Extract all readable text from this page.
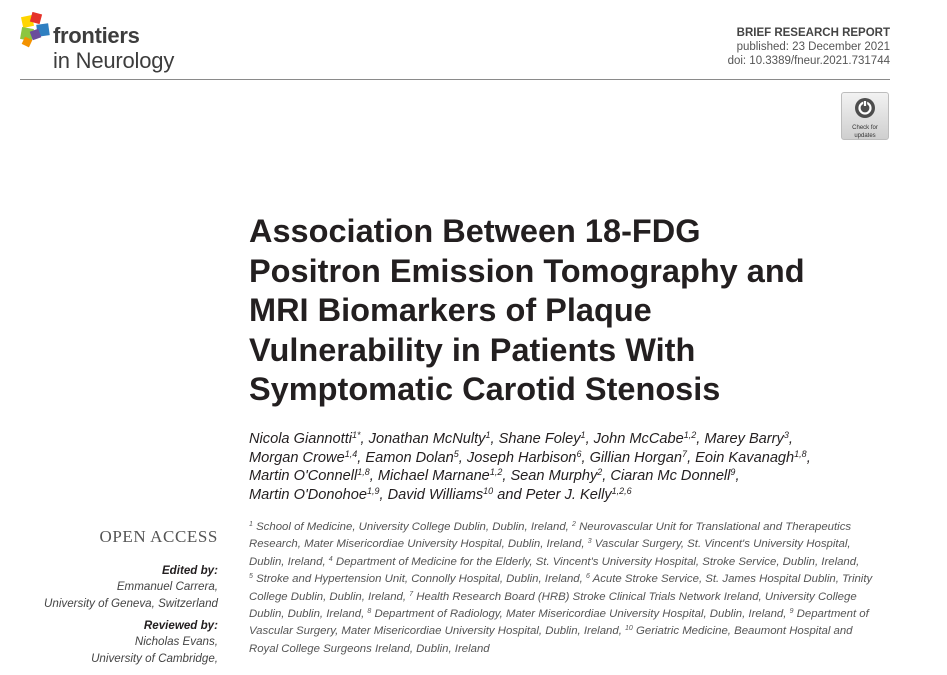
frontiers
in Neurology
BRIEF RESEARCH REPORT
published: 23 December 2021
doi: 10.3389/fneur.2021.731744
Check for
updates
Association Between 18-FDG
Positron Emission Tomography and
MRI Biomarkers of Plaque
Vulnerability in Patients With
Symptomatic Carotid Stenosis
Nicola Giannotti$^{1*}$, Jonathan McNulty$^1$, Shane Foley$^1$, John McCabe$^{1,2}$, Marey Barry$^3$,
Morgan Crowe$^{1,4}$, Eamon Dolan$^5$, Joseph Harbison$^6$, Gillian Horgan$^7$, Eoin Kavanagh$^{1,8}$,
Martin O'Connell$^{1,8}$, Michael Marnane$^{1,2}$, Sean Murphy$^2$, Ciaran Mc Donnell$^9$,
Martin O'Donohoe$^{1,9}$, David Williams$^{10}$ and Peter J. Kelly$^{1,2,6}$
$^1$ School of Medicine, University College Dublin, Dublin, Ireland, $^2$ Neurovascular Unit for Translational and Therapeutics
Research, Mater Misericordiae University Hospital, Dublin, Ireland, $^3$ Vascular Surgery, St. Vincent's University Hospital,
Dublin, Ireland, $^4$ Department of Medicine for the Elderly, St. Vincent's University Hospital, Stroke Service, Dublin, Ireland,
$^5$ Stroke and Hypertension Unit, Connolly Hospital, Dublin, Ireland, $^6$ Acute Stroke Service, St. James Hospital Dublin, Trinity
College Dublin, Dublin, Ireland, $^7$ Health Research Board (HRB) Stroke Clinical Trials Network Ireland, University College
Dublin, Dublin, Ireland, $^8$ Department of Radiology, Mater Misericordiae University Hospital, Dublin, Ireland, $^9$ Department of
Vascular Surgery, Mater Misericordiae University Hospital, Dublin, Ireland, $^{10}$ Geriatric Medicine, Beaumont Hospital and
Royal College Surgeons Ireland, Dublin, Ireland
OPEN ACCESS
Edited by:
Emmanuel Carrera,
University of Geneva, Switzerland
Reviewed by:
Nicholas Evans,
University of Cambridge,
